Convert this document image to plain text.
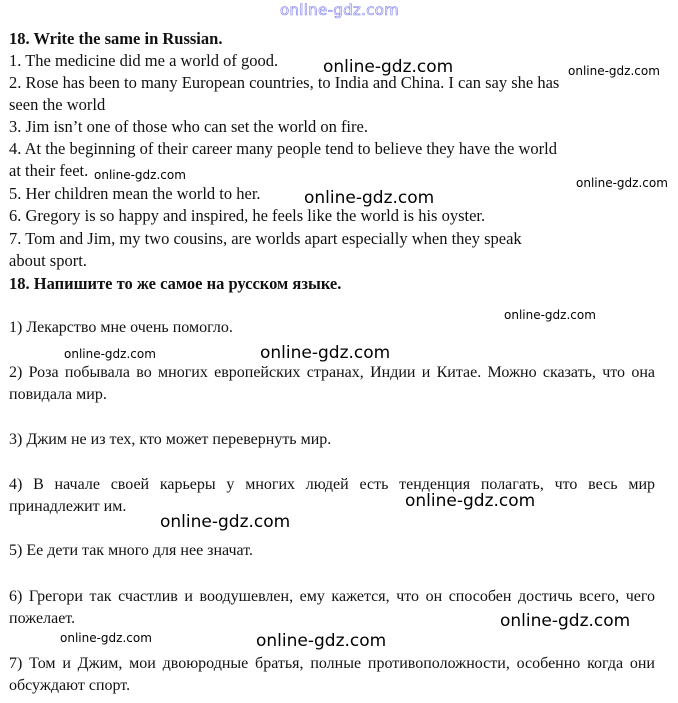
online-gdz.com
18. Write the same in Russian.
1. The medicine did me a world of good.
2. Rose has been to many European countries, to India and China. I can say she has
seen the world
3. Jim isn’t one of those who can set the world on fire.
4. At the beginning of their career many people tend to believe they have the world
at their feet.
5. Her children mean the world to her.
6. Gregory is so happy and inspired, he feels like the world is his oyster.
7. Tom and Jim, my two cousins, are worlds apart especially when they speak
about sport.
18. Напишите то же самое на русском языке.
1) Лекарство мне очень помогло.
2) Роза побывала во многих европейских странах, Индии и Китае. Можно сказать, что она повидала мир.
3) Джим не из тех, кто может перевернуть мир.
4) В начале своей карьеры у многих людей есть тенденция полагать, что весь мир принадлежит им.
5) Ее дети так много для нее значат.
6) Грегори так счастлив и воодушевлен, ему кажется, что он способен достичь всего, чего пожелает.
7) Том и Джим, мои двоюродные братья, полные противоположности, особенно когда они обсуждают спорт.
online-gdz.com	online-gdz.com
online-gdz.com
online-gdz.com
online-gdz.com
online-gdz.com
online-gdz.com	online-gdz.com
online-gdz.com
online-gdz.com
online-gdz.com
online-gdz.com
online-gdz.com
